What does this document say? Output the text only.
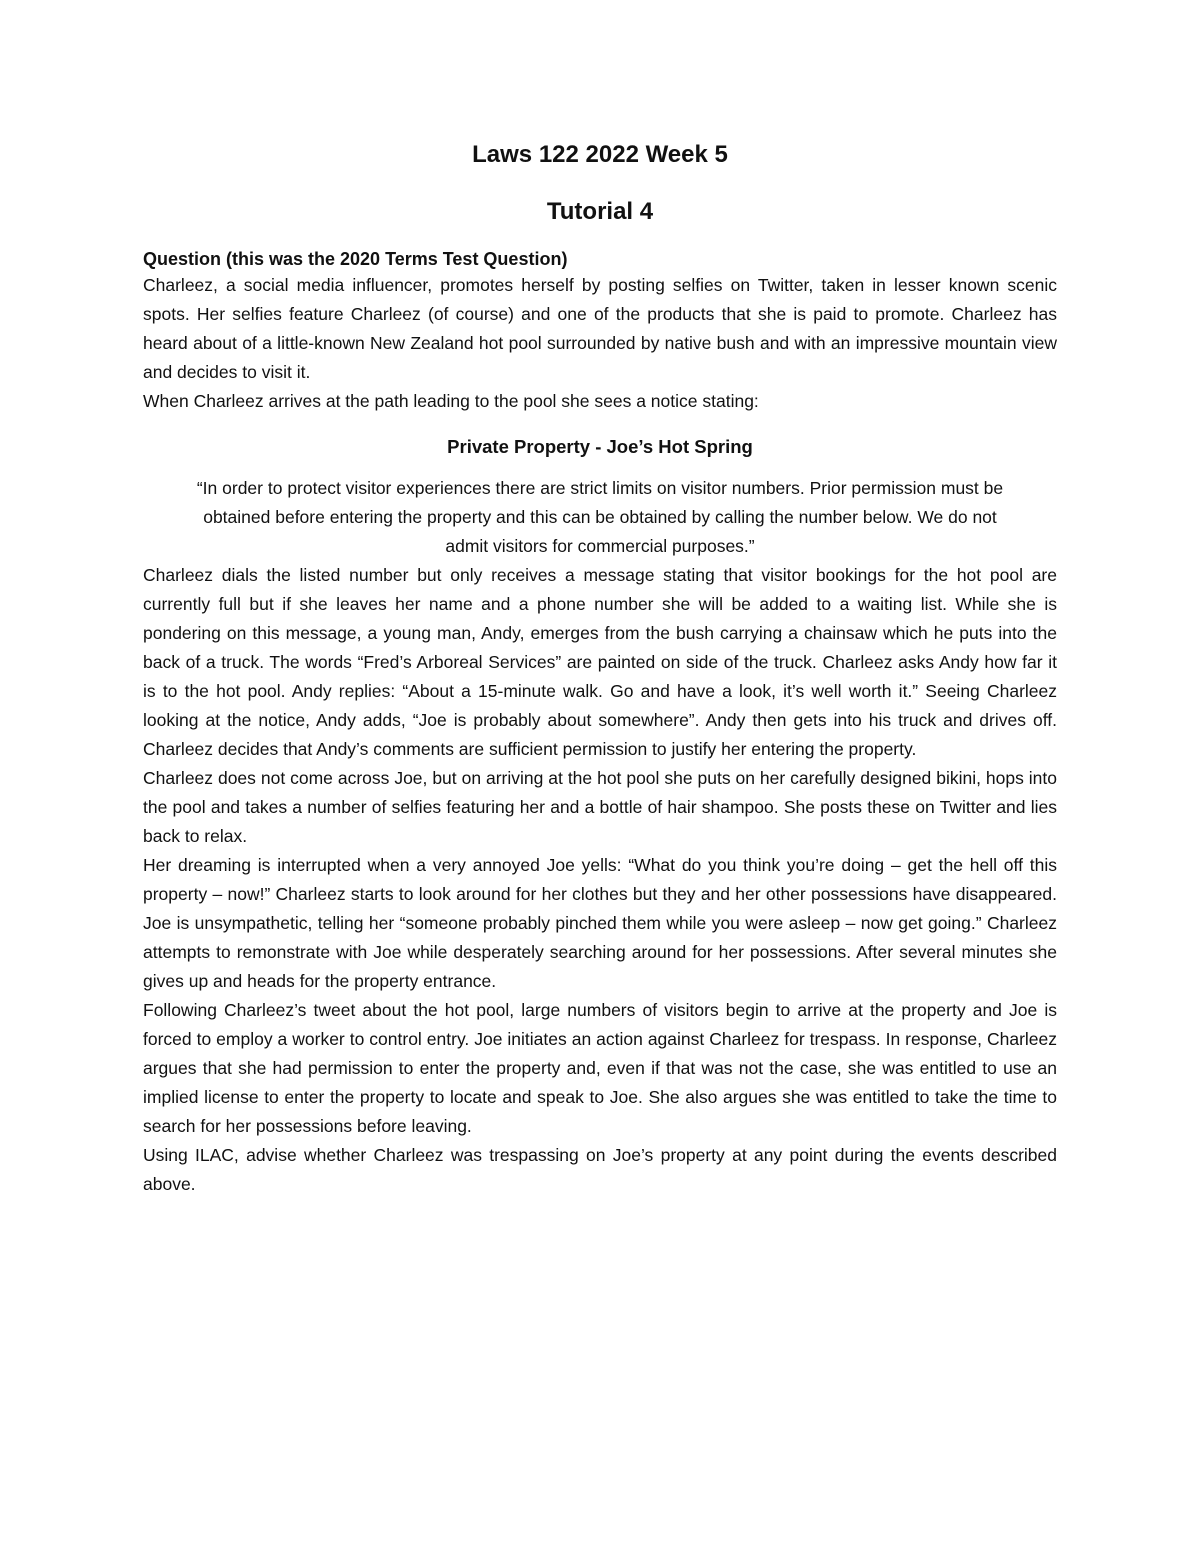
Laws 122 2022 Week 5
Tutorial 4
Question (this was the 2020 Terms Test Question)

Charleez, a social media influencer, promotes herself by posting selfies on Twitter, taken in lesser known scenic spots. Her selfies feature Charleez (of course) and one of the products that she is paid to promote. Charleez has heard about of a little-known New Zealand hot pool surrounded by native bush and with an impressive mountain view and decides to visit it.

When Charleez arrives at the path leading to the pool she sees a notice stating:

Private Property - Joe’s Hot Spring
“In order to protect visitor experiences there are strict limits on visitor numbers. Prior permission must be obtained before entering the property and this can be obtained by calling the number below. We do not admit visitors for commercial purposes.”

Charleez dials the listed number but only receives a message stating that visitor bookings for the hot pool are currently full but if she leaves her name and a phone number she will be added to a waiting list. While she is pondering on this message, a young man, Andy, emerges from the bush carrying a chainsaw which he puts into the back of a truck. The words “Fred’s Arboreal Services” are painted on side of the truck. Charleez asks Andy how far it is to the hot pool. Andy replies: “About a 15-minute walk. Go and have a look, it’s well worth it.” Seeing Charleez looking at the notice, Andy adds, “Joe is probably about somewhere”. Andy then gets into his truck and drives off. Charleez decides that Andy’s comments are sufficient permission to justify her entering the property.

Charleez does not come across Joe, but on arriving at the hot pool she puts on her carefully designed bikini, hops into the pool and takes a number of selfies featuring her and a bottle of hair shampoo. She posts these on Twitter and lies back to relax.

Her dreaming is interrupted when a very annoyed Joe yells: “What do you think you’re doing – get the hell off this property – now!” Charleez starts to look around for her clothes but they and her other possessions have disappeared. Joe is unsympathetic, telling her “someone probably pinched them while you were asleep – now get going.” Charleez attempts to remonstrate with Joe while desperately searching around for her possessions. After several minutes she gives up and heads for the property entrance.

Following Charleez’s tweet about the hot pool, large numbers of visitors begin to arrive at the property and Joe is forced to employ a worker to control entry. Joe initiates an action against Charleez for trespass. In response, Charleez argues that she had permission to enter the property and, even if that was not the case, she was entitled to use an implied license to enter the property to locate and speak to Joe. She also argues she was entitled to take the time to search for her possessions before leaving.

Using ILAC, advise whether Charleez was trespassing on Joe’s property at any point during the events described above.
